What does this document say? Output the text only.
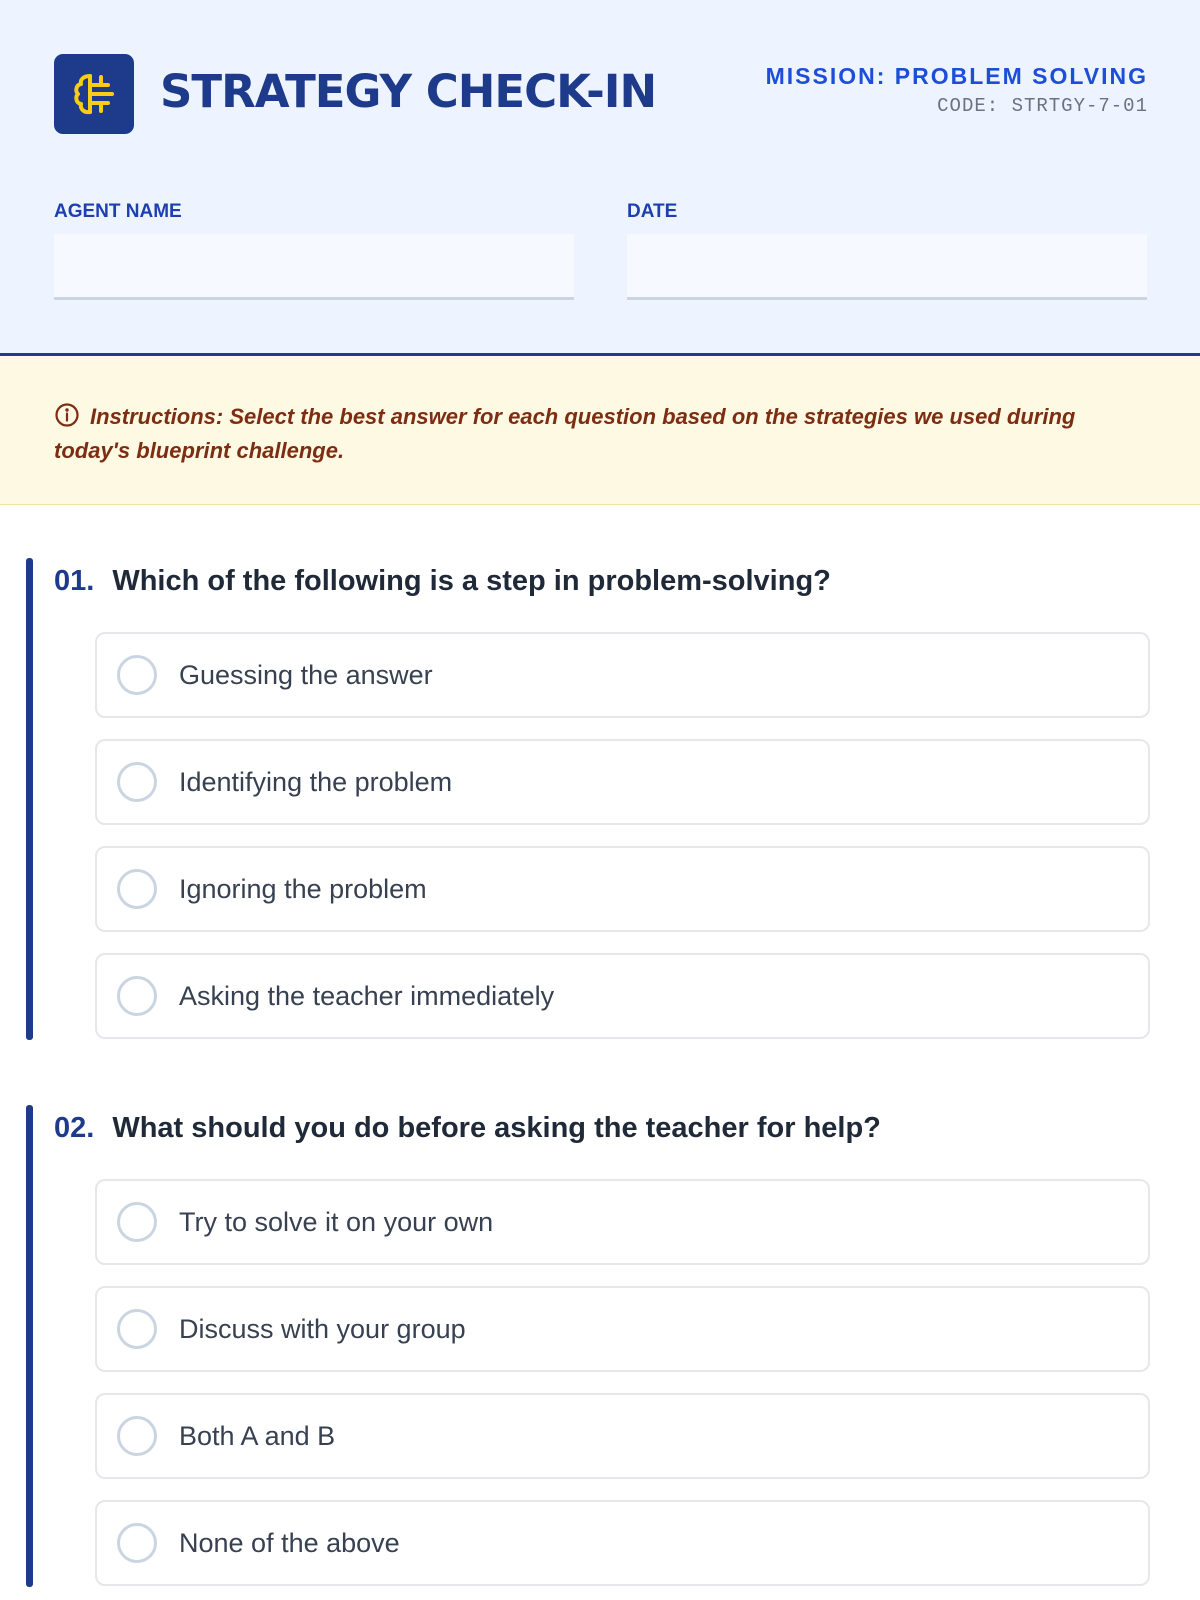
STRATEGY CHECK-IN	MISSION: PROBLEM SOLVING
CODE: STRTGY-7-01
AGENT NAME	DATE
Instructions: Select the best answer for each question based on the strategies we used during today's blueprint challenge.
01. Which of the following is a step in problem-solving?
Guessing the answer
Identifying the problem
Ignoring the problem
Asking the teacher immediately
02. What should you do before asking the teacher for help?
Try to solve it on your own
Discuss with your group
Both A and B
None of the above
